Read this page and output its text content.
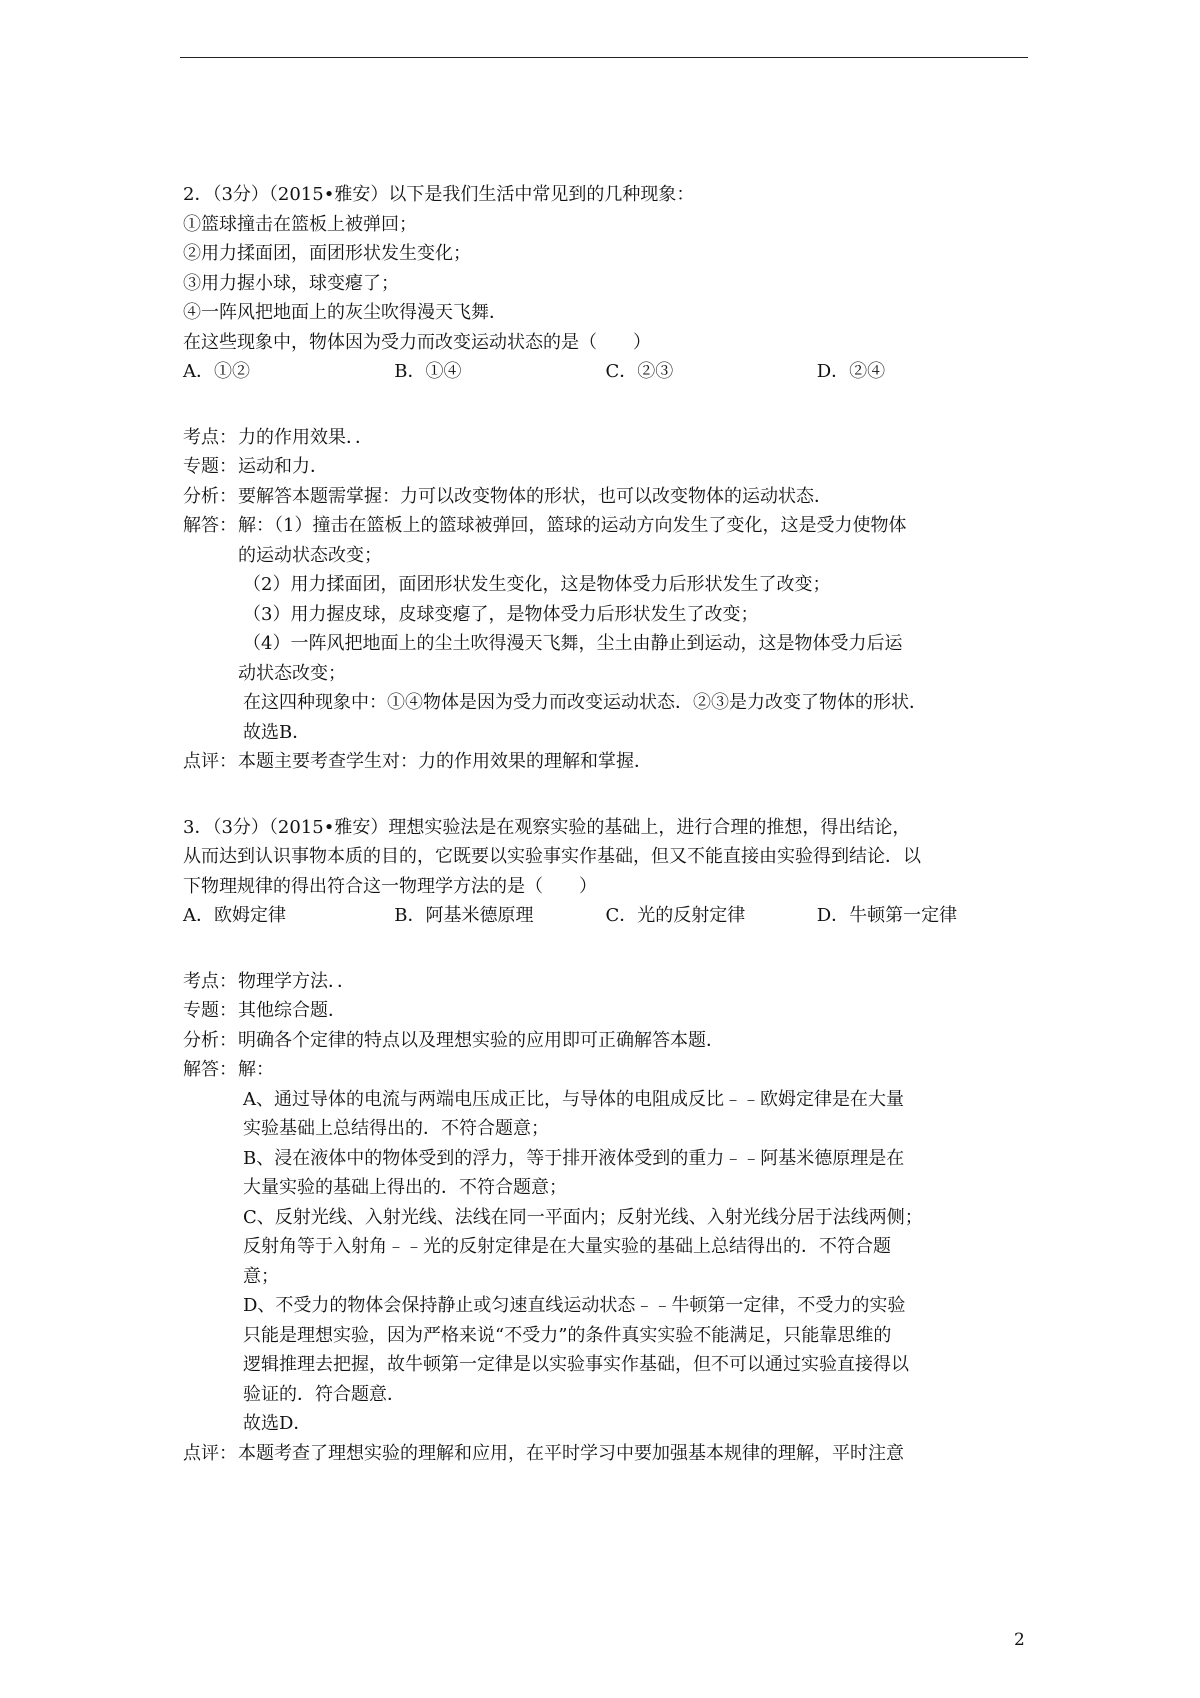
2．（3分）（2015•雅安）以下是我们生活中常见到的几种现象：
①篮球撞击在篮板上被弹回；
②用力揉面团，面团形状发生变化；
③用力握小球，球变瘪了；
④一阵风把地面上的灰尘吹得漫天飞舞．
在这些现象中，物体因为受力而改变运动状态的是（　　）
A．①②	B．①④	C．②③	D．②④
考点： 力的作用效果．．
专题： 运动和力．
分析： 要解答本题需掌握：力可以改变物体的形状，也可以改变物体的运动状态．
解答： 解：（1）撞击在篮板上的篮球被弹回，篮球的运动方向发生了变化，这是受力使物体
的运动状态改变；
（2）用力揉面团，面团形状发生变化，这是物体受力后形状发生了改变；
（3）用力握皮球，皮球变瘪了，是物体受力后形状发生了改变；
（4）一阵风把地面上的尘土吹得漫天飞舞，尘土由静止到运动，这是物体受力后运
动状态改变；
在这四种现象中：①④物体是因为受力而改变运动状态．②③是力改变了物体的形状．
故选B．
点评： 本题主要考查学生对：力的作用效果的理解和掌握．
3．（3分）（2015•雅安）理想实验法是在观察实验的基础上，进行合理的推想，得出结论，
从而达到认识事物本质的目的，它既要以实验事实作基础，但又不能直接由实验得到结论．以
下物理规律的得出符合这一物理学方法的是（　　）
A．欧姆定律	B．阿基米德原理	C．光的反射定律	D．牛顿第一定律
考点： 物理学方法．．
专题： 其他综合题．
分析： 明确各个定律的特点以及理想实验的应用即可正确解答本题．
解答： 解：
A、通过导体的电流与两端电压成正比，与导体的电阻成反比﹣﹣欧姆定律是在大量
实验基础上总结得出的．不符合题意；
B、浸在液体中的物体受到的浮力，等于排开液体受到的重力﹣﹣阿基米德原理是在
大量实验的基础上得出的．不符合题意；
C、反射光线、入射光线、法线在同一平面内；反射光线、入射光线分居于法线两侧；
反射角等于入射角﹣﹣光的反射定律是在大量实验的基础上总结得出的．不符合题
意；
D、不受力的物体会保持静止或匀速直线运动状态﹣﹣牛顿第一定律，不受力的实验
只能是理想实验，因为严格来说“不受力”的条件真实实验不能满足，只能靠思维的
逻辑推理去把握，故牛顿第一定律是以实验事实作基础，但不可以通过实验直接得以
验证的．符合题意．
故选D．
点评： 本题考查了理想实验的理解和应用，在平时学习中要加强基本规律的理解，平时注意
2
